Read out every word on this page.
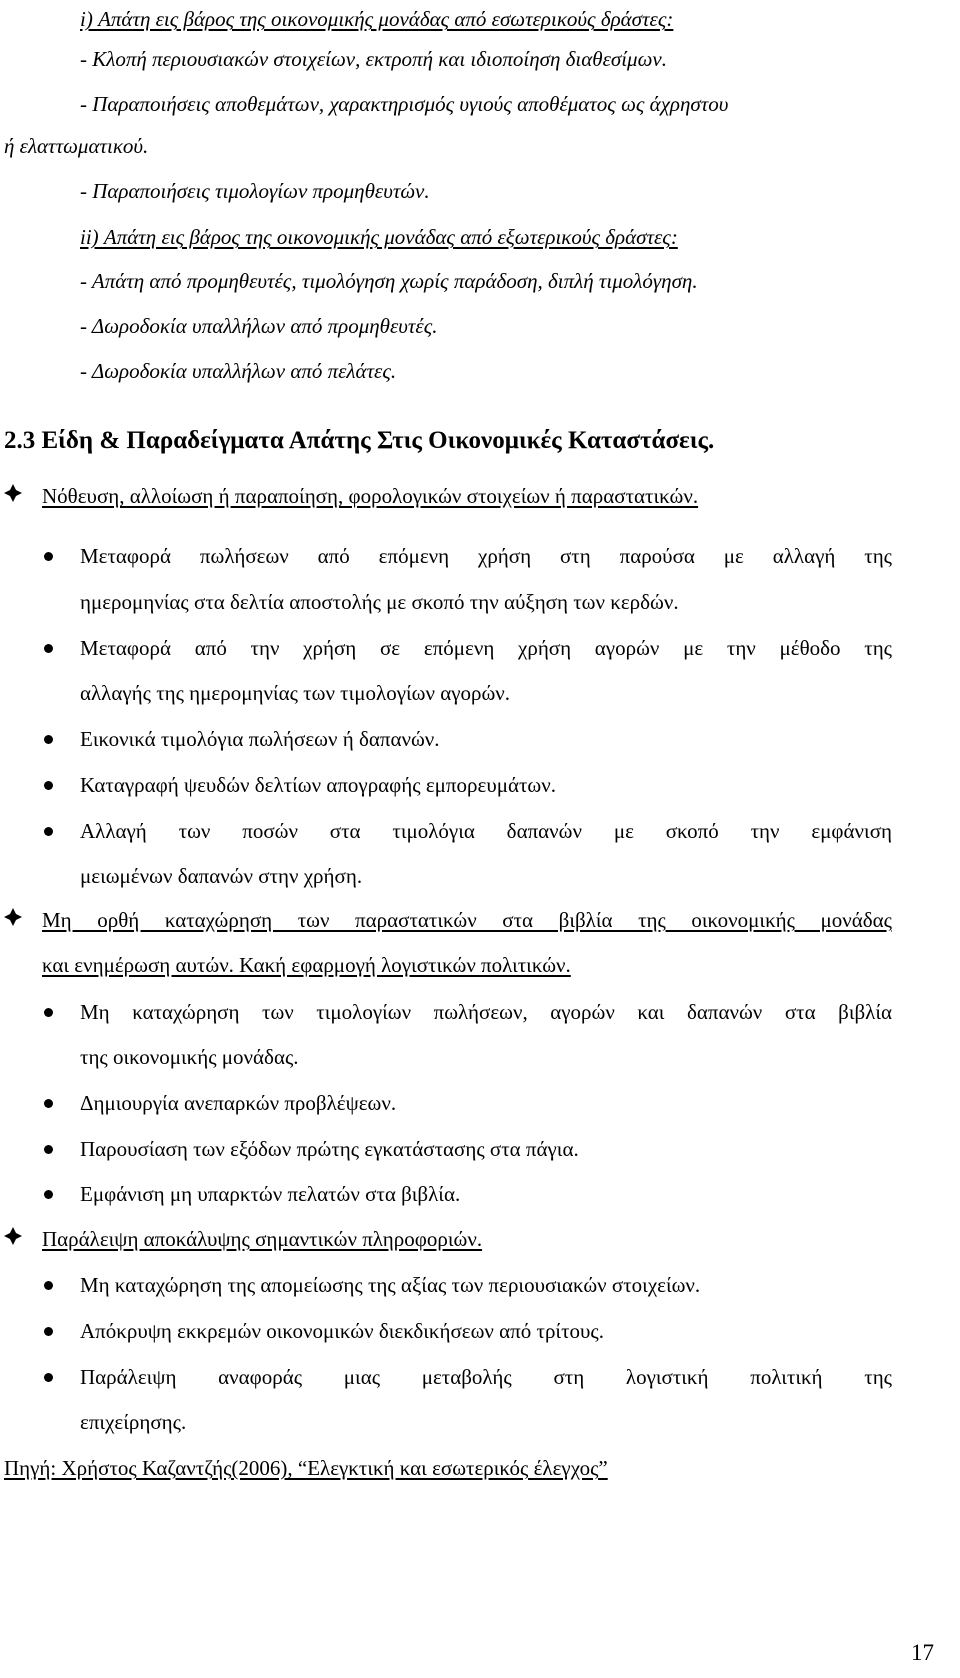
i) Απάτη εις βάρος της οικονομικής μονάδας από εσωτερικούς δράστες:
- Κλοπή περιουσιακών στοιχείων, εκτροπή και ιδιοποίηση διαθεσίμων.
- Παραποιήσεις αποθεμάτων, χαρακτηρισμός υγιούς αποθέματος ως άχρηστου
ή ελαττωματικού.
- Παραποιήσεις τιμολογίων προμηθευτών.
ii) Απάτη εις βάρος της οικονομικής μονάδας από εξωτερικούς δράστες:
- Απάτη από προμηθευτές, τιμολόγηση χωρίς παράδοση, διπλή τιμολόγηση.
- Δωροδοκία υπαλλήλων από προμηθευτές.
- Δωροδοκία υπαλλήλων από πελάτες.
2.3 Είδη & Παραδείγματα Απάτης Στις Οικονομικές Καταστάσεις.
Νόθευση, αλλοίωση ή παραποίηση, φορολογικών στοιχείων ή παραστατικών.
Μεταφορά πωλήσεων από επόμενη χρήση στη παρούσα με αλλαγή της
ημερομηνίας στα δελτία αποστολής με σκοπό την αύξηση των κερδών.
Μεταφορά από την χρήση σε επόμενη χρήση αγορών με την μέθοδο της
αλλαγής της ημερομηνίας των τιμολογίων αγορών.
Εικονικά τιμολόγια πωλήσεων ή δαπανών.
Καταγραφή ψευδών δελτίων απογραφής εμπορευμάτων.
Αλλαγή των ποσών στα τιμολόγια δαπανών με σκοπό την εμφάνιση
μειωμένων δαπανών στην χρήση.
Μη ορθή καταχώρηση των παραστατικών στα βιβλία της οικονομικής μονάδας
και ενημέρωση αυτών. Κακή εφαρμογή λογιστικών πολιτικών.
Μη καταχώρηση των τιμολογίων πωλήσεων, αγορών και δαπανών στα βιβλία
της οικονομικής μονάδας.
Δημιουργία ανεπαρκών προβλέψεων.
Παρουσίαση των εξόδων πρώτης εγκατάστασης στα πάγια.
Εμφάνιση μη υπαρκτών πελατών στα βιβλία.
Παράλειψη αποκάλυψης σημαντικών πληροφοριών.
Μη καταχώρηση της απομείωσης της αξίας των περιουσιακών στοιχείων.
Απόκρυψη εκκρεμών οικονομικών διεκδικήσεων από τρίτους.
Παράλειψη αναφοράς μιας μεταβολής στη λογιστική πολιτική της
επιχείρησης.
Πηγή: Χρήστος Καζαντζής(2006), “Ελεγκτική και εσωτερικός έλεγχος”
17
